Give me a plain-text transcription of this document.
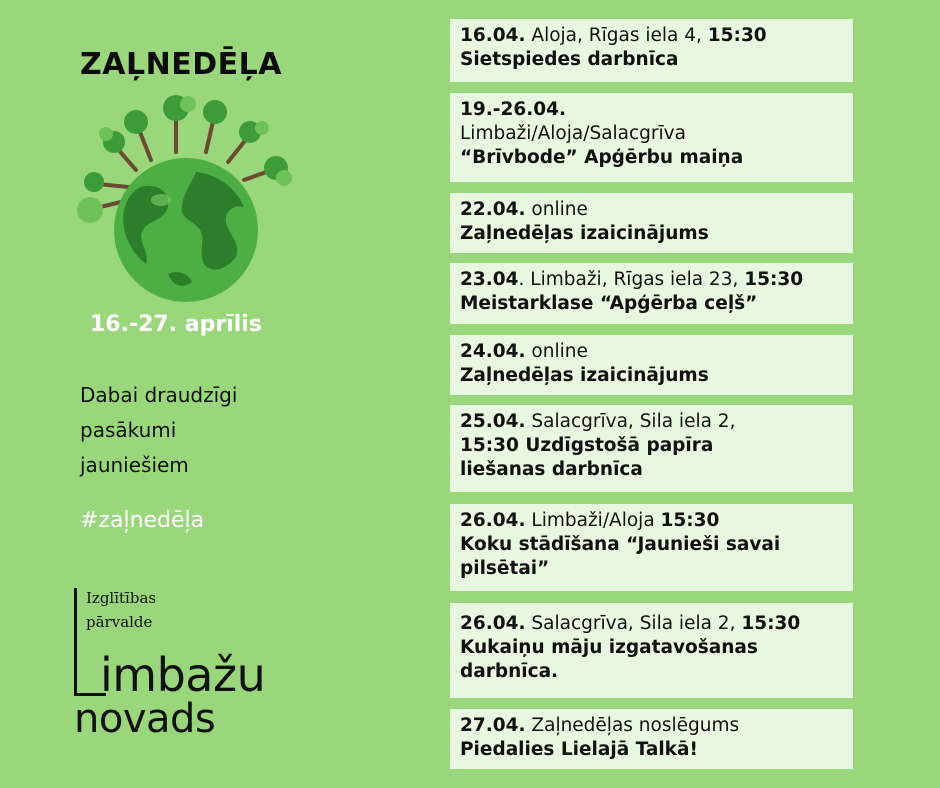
ZAĻNEDĒĻA
16.-27. aprīlis
Dabai draudzīgi
pasākumi
jauniešiem
#zaļnedēļa
Izglītības
pārvalde
imbažu
novads
16.04. Aloja, Rīgas iela 4, 15:30
Sietspiedes darbnīca
19.-26.04.
Limbaži/Aloja/Salacgrīva
“Brīvbode” Apģērbu maiņa
22.04. online
Zaļnedēļas izaicinājums
23.04. Limbaži, Rīgas iela 23, 15:30
Meistarklase “Apģērba ceļš”
24.04. online
Zaļnedēļas izaicinājums
25.04. Salacgrīva, Sila iela 2,
15:30 Uzdīgstošā papīra
liešanas darbnīca
26.04. Limbaži/Aloja 15:30
Koku stādīšana “Jaunieši savai
pilsētai”
26.04. Salacgrīva, Sila iela 2, 15:30
Kukaiņu māju izgatavošanas
darbnīca.
27.04. Zaļnedēļas noslēgums
Piedalies Lielajā Talkā!
